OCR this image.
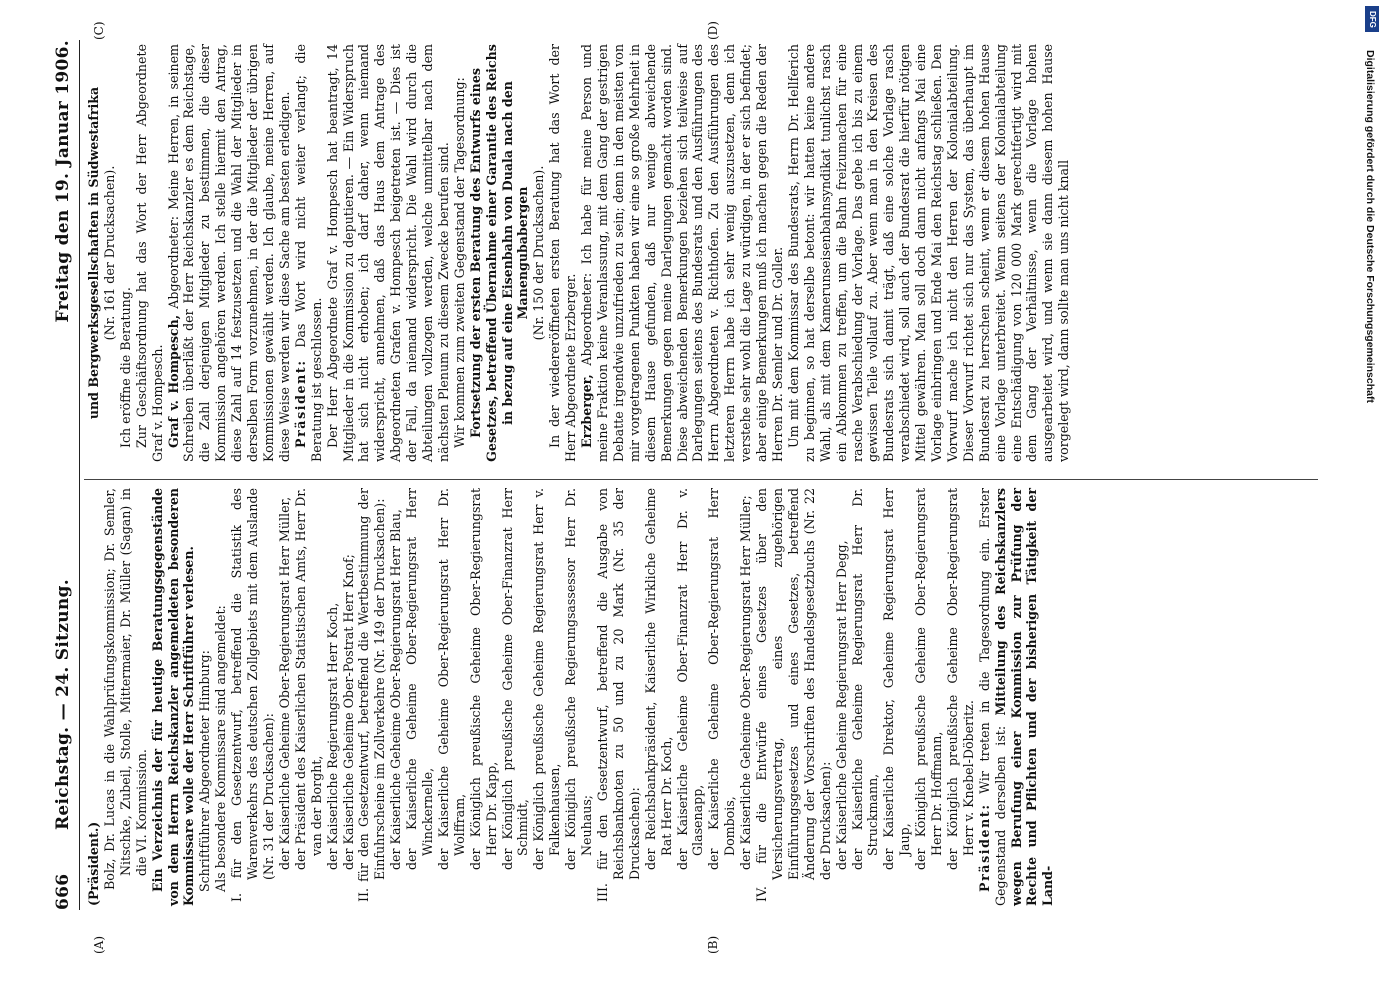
666
Reichstag. — 24. Sitzung.
Freitag den 19. Januar 1906.
(A)	(B)
(C)	(D)

(Präsident.) Bolz, Dr. Lucas in die Wahlprüfungskommission; Dr. Semler, Nitschke, Zubeil, Stolle, Mittermaier, Dr. Müller (Sagan) in die VI. Kommission. Ein Verzeichnis der für heutige Beratungsgegenstände von dem Herrn Reichskanzler angemeldeten besonderen Kommissare wolle der Herr Schriftführer verlesen. Schriftführer Abgeordneter Himburg: Als besondere Kommissare sind angemeldet: I. für den Gesetzentwurf, betreffend die Statistik des Warenverkehrs des deutschen Zollgebiets mit dem Auslande (Nr. 31 der Drucksachen): der Kaiserliche Geheime Ober-Regierungsrat Herr Müller, der Präsident des Kaiserlichen Statistischen Amts, Herr Dr. van der Borght, der Kaiserliche Regierungsrat Herr Koch, der Kaiserliche Geheime Ober-Postrat Herr Knof; II. für den Gesetzentwurf, betreffend die Wertbestimmung der Einfuhrscheine im Zollverkehre (Nr. 149 der Drucksachen): der Kaiserliche Geheime Ober-Regierungsrat Herr Blau, der Kaiserliche Geheime Ober-Regierungsrat Herr Winckernelle, der Kaiserliche Geheime Ober-Regierungsrat Herr Dr. Wolffram, der Königlich preußische Geheime Ober-Regierungsrat Herr Dr. Kapp, der Königlich preußische Geheime Ober-Finanzrat Herr Schmidt, der Königlich preußische Geheime Regierungsrat Herr v. Falkenhausen, der Königlich preußische Regierungsassessor Herr Dr. Neuhaus; III. für den Gesetzentwurf, betreffend die Ausgabe von Reichsbanknoten zu 50 und zu 20 Mark (Nr. 35 der Drucksachen): der Reichsbankpräsident, Kaiserliche Wirkliche Geheime Rat Herr Dr. Koch, der Kaiserliche Geheime Ober-Finanzrat Herr Dr. v. Glasenapp, der Kaiserliche Geheime Ober-Regierungsrat Herr Dombois, der Kaiserliche Geheime Ober-Regierungsrat Herr Müller; IV. für die Entwürfe eines Gesetzes über den Versicherungsvertrag, eines zugehörigen Einführungsgesetzes und eines Gesetzes, betreffend Änderung der Vorschriften des Handelsgesetzbuchs (Nr. 22 der Drucksachen): der Kaiserliche Geheime Regierungsrat Herr Degg, der Kaiserliche Geheime Regierungsrat Herr Dr. Struckmann, der Kaiserliche Direktor, Geheime Regierungsrat Herr Jaup, der Königlich preußische Geheime Ober-Regierungsrat Herr Dr. Hoffmann, der Königlich preußische Geheime Ober-Regierungsrat Herr v. Knebel-Döberitz. Präsident: Wir treten in die Tagesordnung ein. Erster Gegenstand derselben ist: Mitteilung des Reichskanzlers wegen Berufung einer Kommission zur Prüfung der Rechte und Pflichten und der bisherigen Tätigkeit der Land-

und Bergwerksgesellschaften in Südwestafrika (Nr. 161 der Drucksachen).

Ich eröffne die Beratung. Zur Geschäftsordnung hat das Wort der Herr Abgeordnete Graf v. Hompesch. Graf v. Hompesch, Abgeordneter: Meine Herren, in seinem Schreiben überläßt der Herr Reichskanzler es dem Reichstage, die Zahl derjenigen Mitglieder zu bestimmen, die dieser Kommission angehören werden. Ich stelle hiermit den Antrag, diese Zahl auf 14 festzusetzen und die Wahl der Mitglieder in derselben Form vorzunehmen, in der die Mitglieder der übrigen Kommissionen gewählt werden. Ich glaube, meine Herren, auf diese Weise werden wir diese Sache am besten erledigen. Präsident: Das Wort wird nicht weiter verlangt; die Beratung ist geschlossen. Der Herr Abgeordnete Graf v. Hompesch hat beantragt, 14 Mitglieder in die Kommission zu deputieren. — Ein Widerspruch hat sich nicht erhoben; ich darf daher, wenn niemand widerspricht, annehmen, daß das Haus dem Antrage des Abgeordneten Grafen v. Hompesch beigetreten ist. — Dies ist der Fall, da niemand widerspricht. Die Wahl wird durch die Abteilungen vollzogen werden, welche unmittelbar nach dem nächsten Plenum zu diesem Zwecke berufen sind. Wir kommen zum zweiten Gegenstand der Tagesordnung: Fortsetzung der ersten Beratung des Entwurfs eines Gesetzes, betreffend Übernahme einer Garantie des Reichs in bezug auf eine Eisenbahn von Duala nach den Manengubabergen (Nr. 150 der Drucksachen). In der wiedereröffneten ersten Beratung hat das Wort der Herr Abgeordnete Erzberger. Erzberger, Abgeordneter: Ich habe für meine Person und meine Fraktion keine Veranlassung, mit dem Gang der gestrigen Debatte irgendwie unzufrieden zu sein; denn in den meisten von mir vorgetragenen Punkten haben wir eine so große Mehrheit in diesem Hause gefunden, daß nur wenige abweichende Bemerkungen gegen meine Darlegungen gemacht worden sind. Diese abweichenden Bemerkungen beziehen sich teilweise auf Darlegungen seitens des Bundesrats und den Ausführungen des Herrn Abgeordneten v. Richthofen. Zu den Ausführungen des letzteren Herrn habe ich sehr wenig auszusetzen, denn ich verstehe sehr wohl die Lage zu würdigen, in der er sich befindet; aber einige Bemerkungen muß ich machen gegen die Reden der Herren Dr. Semler und Dr. Goller. Um mit dem Kommissar des Bundesrats, Herrn Dr. Hellferich zu beginnen, so hat derselbe betont: wir hatten keine andere Wahl, als mit dem Kamerunseisenbahnsyndikat tunlichst rasch ein Abkommen zu treffen, um die Bahn freizumachen für eine rasche Verabschiedung der Vorlage. Das gebe ich bis zu einem gewissen Teile vollauf zu. Aber wenn man in den Kreisen des Bundesrats sich damit trägt, daß eine solche Vorlage rasch verabschiedet wird, soll auch der Bundesrat die hierfür nötigen Mittel gewähren. Man soll doch dann nicht anfangs Mai eine Vorlage einbringen und Ende Mai den Reichstag schließen. Den Vorwurf mache ich nicht den Herren der Kolonialabteilung. Dieser Vorwurf richtet sich nur das System, das überhaupt im Bundesrat zu herrschen scheint, wenn er diesem hohen Hause eine Vorlage unterbreitet. Wenn seitens der Kolonialabteilung eine Entschädigung von 120 000 Mark gerechtfertigt wird mit dem Gang der Verhältnisse, wenn die Vorlage hohen ausgearbeitet wird, und wenn sie dann diesem hohen Hause vorgelegt wird, dann sollte man uns nicht knall	Digitalisierung gefördert durch die Deutsche Forschungsgemeinschaft
DFG
